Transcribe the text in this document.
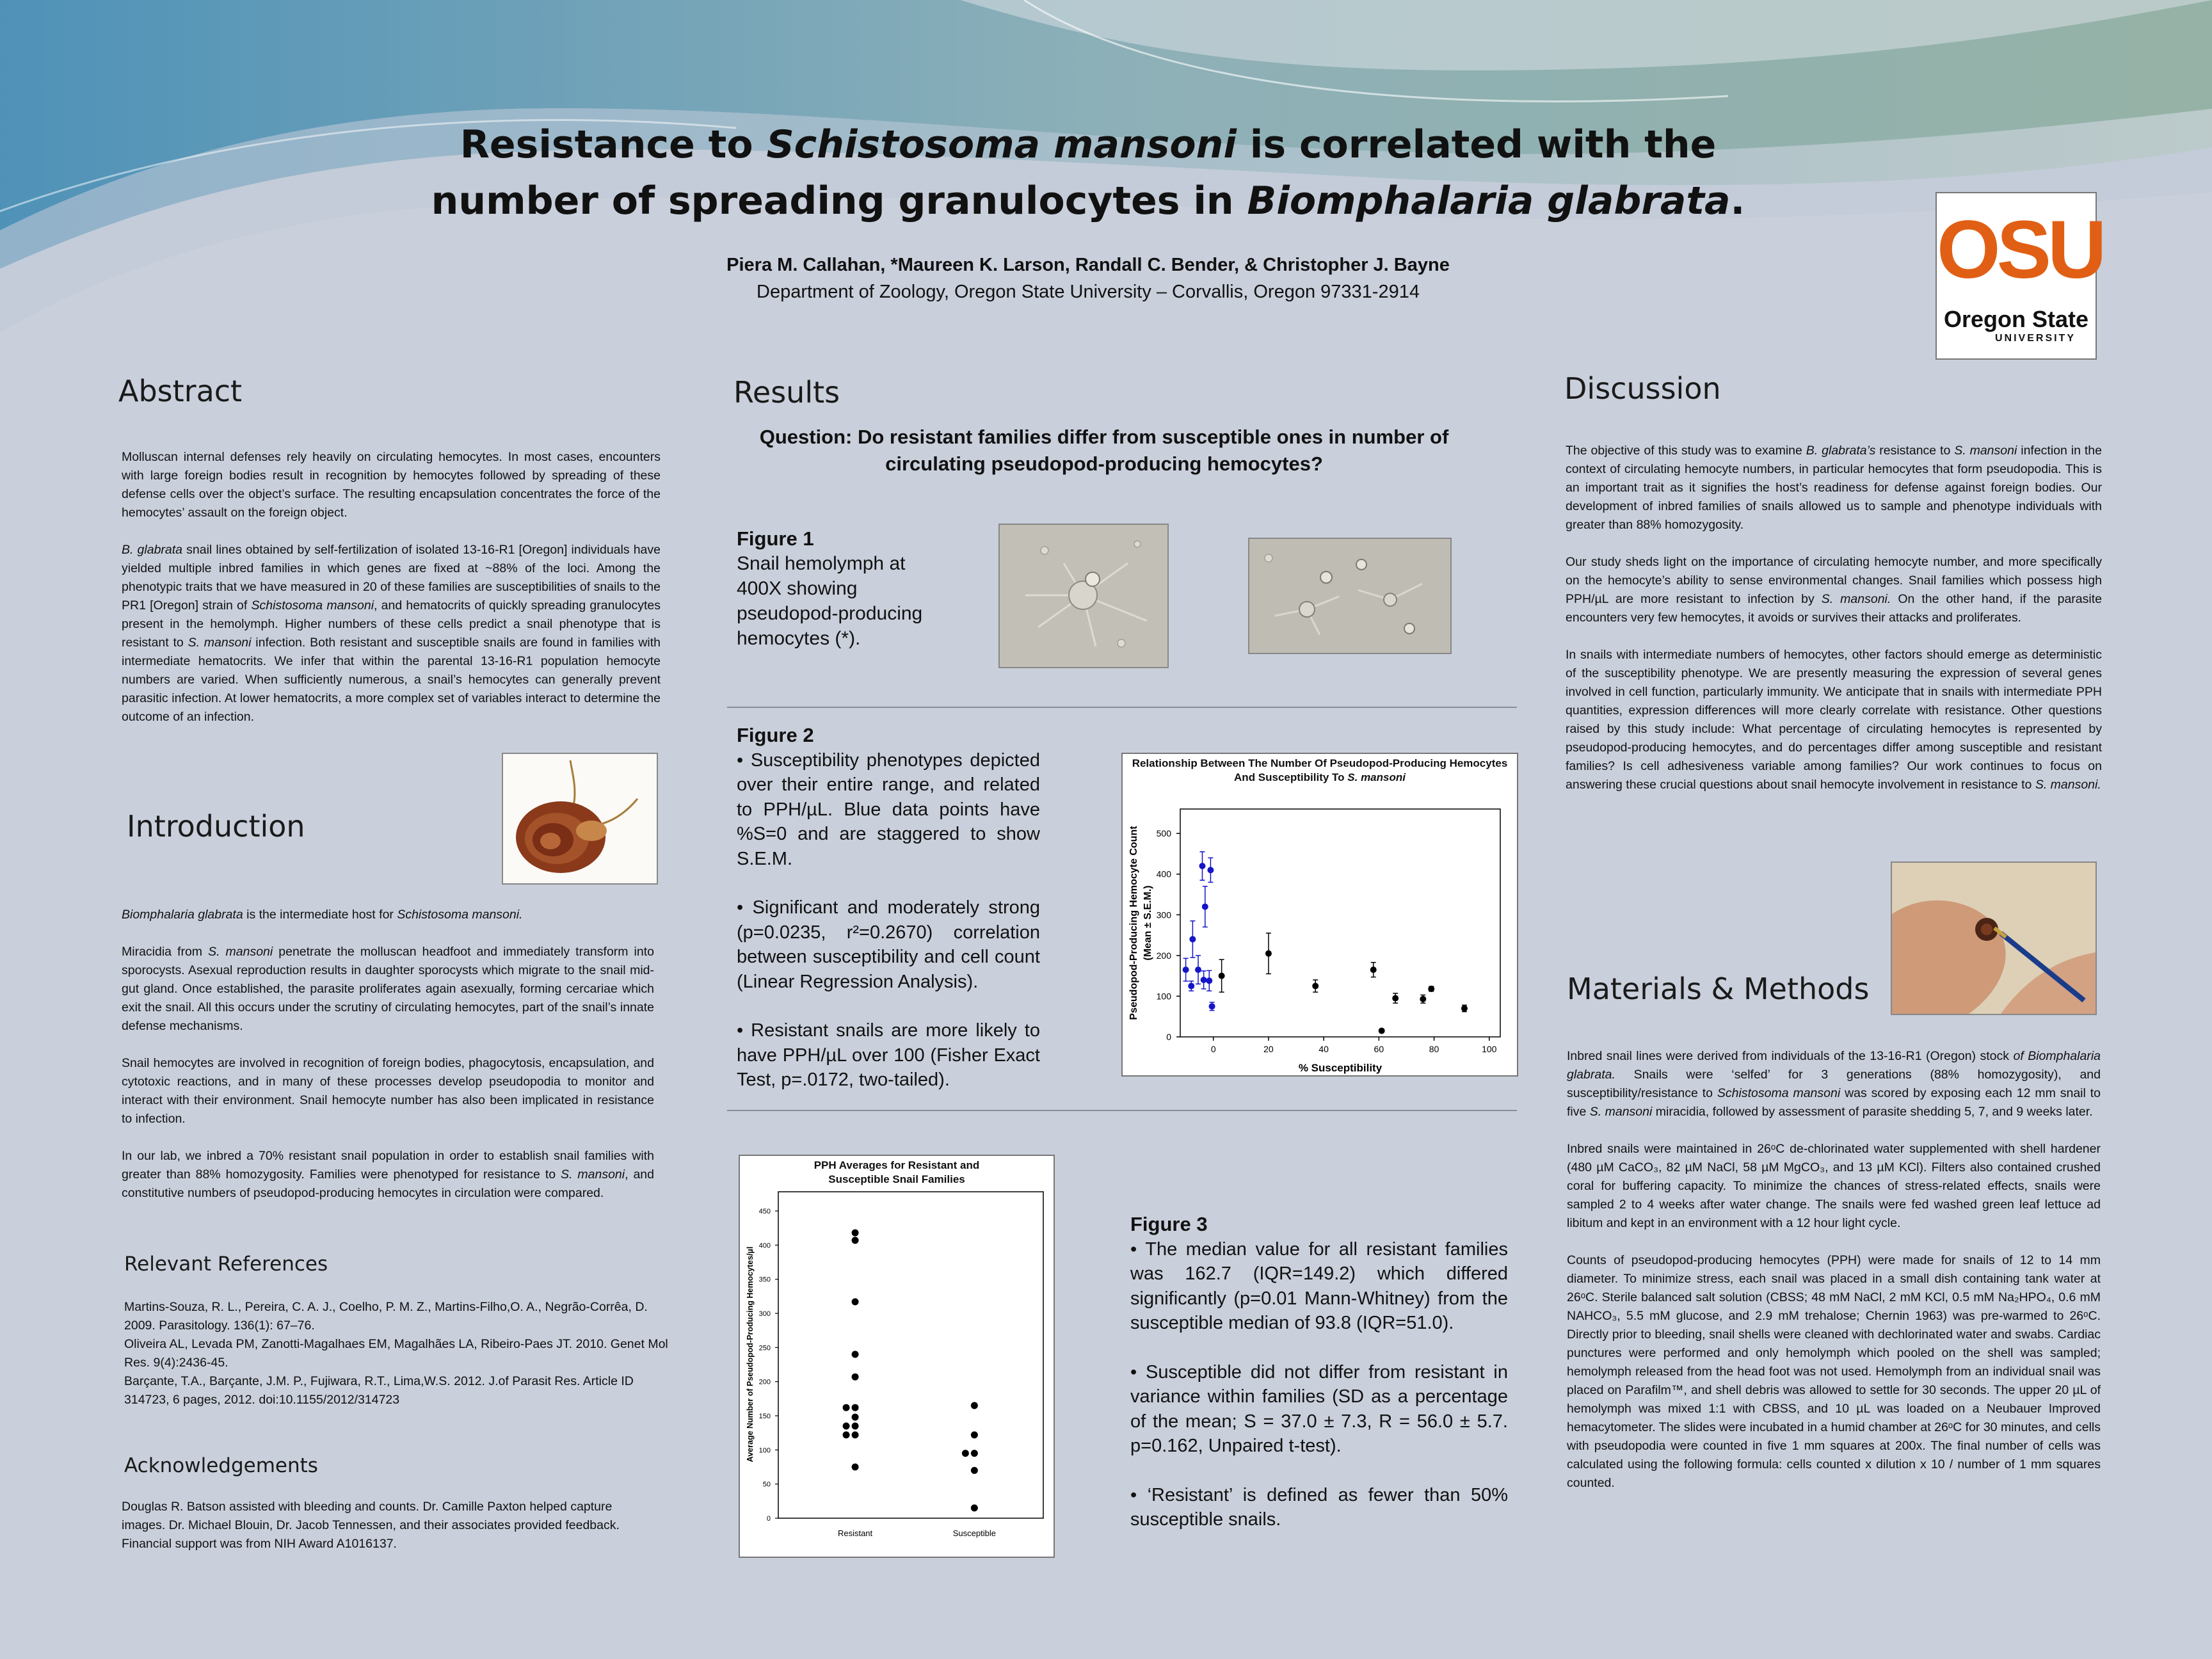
Resistance to Schistosoma mansoni is correlated with the
number of spreading granulocytes in Biomphalaria glabrata.
Piera M. Callahan, *Maureen K. Larson, Randall C. Bender, & Christopher J. Bayne
Department of Zoology, Oregon State University – Corvallis, Oregon 97331-2914	OSU
Oregon State
UNIVERSITY
Abstract

Molluscan internal defenses rely heavily on circulating hemocytes. In most cases, encounters with large foreign bodies result in recognition by hemocytes followed by spreading of these defense cells over the object’s surface. The resulting encapsulation concentrates the force of the hemocytes’ assault on the foreign object.

B. glabrata snail lines obtained by self-fertilization of isolated 13-16-R1 [Oregon] individuals have yielded multiple inbred families in which genes are fixed at ~88% of the loci. Among the phenotypic traits that we have measured in 20 of these families are susceptibilities of snails to the PR1 [Oregon] strain of Schistosoma mansoni, and hematocrits of quickly spreading granulocytes present in the hemolymph. Higher numbers of these cells predict a snail phenotype that is resistant to S. mansoni infection. Both resistant and susceptible snails are found in families with intermediate hematocrits. We infer that within the parental 13-16-R1 population hemocyte numbers are varied. When sufficiently numerous, a snail’s hemocytes can generally prevent parasitic infection. At lower hematocrits, a more complex set of variables interact to determine the outcome of an infection.

Introduction

Biomphalaria glabrata is the intermediate host for Schistosoma mansoni.

Miracidia from S. mansoni penetrate the molluscan headfoot and immediately transform into sporocysts. Asexual reproduction results in daughter sporocysts which migrate to the snail mid-gut gland. Once established, the parasite proliferates again asexually, forming cercariae which exit the snail. All this occurs under the scrutiny of circulating hemocytes, part of the snail’s innate defense mechanisms.

Snail hemocytes are involved in recognition of foreign bodies, phagocytosis, encapsulation, and cytotoxic reactions, and in many of these processes develop pseudopodia to monitor and interact with their environment. Snail hemocyte number has also been implicated in resistance to infection.

In our lab, we inbred a 70% resistant snail population in order to establish snail families with greater than 88% homozygosity. Families were phenotyped for resistance to S. mansoni, and constitutive numbers of pseudopod-producing hemocytes in circulation were compared.

Relevant References
Martins-Souza, R. L., Pereira, C. A. J., Coelho, P. M. Z., Martins-Filho,O. A., Negrão-Corrêa, D. 2009. Parasitology. 136(1): 67–76.
Oliveira AL, Levada PM, Zanotti-Magalhaes EM, Magalhães LA, Ribeiro-Paes JT. 2010. Genet Mol Res. 9(4):2436-45.
Barçante, T.A., Barçante, J.M. P., Fujiwara, R.T., Lima,W.S. 2012. J.of Parasit Res. Article ID 314723, 6 pages, 2012. doi:10.1155/2012/314723
Acknowledgements
Douglas R. Batson assisted with bleeding and counts. Dr. Camille Paxton helped capture images. Dr. Michael Blouin, Dr. Jacob Tennessen, and their associates provided feedback. Financial support was from NIH Award A1016137.
Results
Question: Do resistant families differ from susceptible ones in number of circulating pseudopod-producing hemocytes?
Figure 1
Snail hemolymph at 400X showing pseudopod-producing hemocytes (*).
Figure 2
• Susceptibility phenotypes depicted over their entire range, and related to PPH/µL. Blue data points have %S=0 and are staggered to show S.E.M.
• Significant and moderately strong (p=0.0235, r²=0.2670) correlation between susceptibility and cell count (Linear Regression Analysis).
• Resistant snails are more likely to have PPH/µL over 100 (Fisher Exact Test, p=.0172, two-tailed).
Relationship Between The Number Of Pseudopod-Producing Hemocytes
And Susceptibility To S. mansoni
Pseudopod-Producing Hemocyte Count (Mean ± S.E.M.)
% Susceptibility
0
100
200
300
400
500
0	20	40	60	80	100
PPH Averages for Resistant and
Susceptible Snail Families
Average Number of Pseudopod-Producing Hemocytes/µl
0
50
100
150
200
250
300
350
400
450
Resistant	Susceptible
Figure 3
• The median value for all resistant families was 162.7 (IQR=149.2) which differed significantly (p=0.01 Mann-Whitney) from the susceptible median of 93.8 (IQR=51.0).
• Susceptible did not differ from resistant in variance within families (SD as a percentage of the mean; S = 37.0 ± 7.3, R = 56.0 ± 5.7. p=0.162, Unpaired t-test).
• ‘Resistant’ is defined as fewer than 50% susceptible snails.
Discussion

The objective of this study was to examine B. glabrata’s resistance to S. mansoni infection in the context of circulating hemocyte numbers, in particular hemocytes that form pseudopodia. This is an important trait as it signifies the host’s readiness for defense against foreign bodies. Our development of inbred families of snails allowed us to sample and phenotype individuals with greater than 88% homozygosity.

Our study sheds light on the importance of circulating hemocyte number, and more specifically on the hemocyte’s ability to sense environmental changes. Snail families which possess high PPH/µL are more resistant to infection by S. mansoni. On the other hand, if the parasite encounters very few hemocytes, it avoids or survives their attacks and proliferates.

In snails with intermediate numbers of hemocytes, other factors should emerge as deterministic of the susceptibility phenotype. We are presently measuring the expression of several genes involved in cell function, particularly immunity. We anticipate that in snails with intermediate PPH quantities, expression differences will more clearly correlate with resistance. Other questions raised by this study include: What percentage of circulating hemocytes is represented by pseudopod-producing hemocytes, and do percentages differ among susceptible and resistant families? Is cell adhesiveness variable among families? Our work continues to focus on answering these crucial questions about snail hemocyte involvement in resistance to S. mansoni.

Materials & Methods

Inbred snail lines were derived from individuals of the 13-16-R1 (Oregon) stock of Biomphalaria glabrata. Snails were ‘selfed’ for 3 generations (88% homozygosity), and susceptibility/resistance to Schistosoma mansoni was scored by exposing each 12 mm snail to five S. mansoni miracidia, followed by assessment of parasite shedding 5, 7, and 9 weeks later.

Inbred snails were maintained in 26ᵒC de-chlorinated water supplemented with shell hardener (480 µM CaCO₃, 82 µM NaCl, 58 µM MgCO₃, and 13 µM KCl). Filters also contained crushed coral for buffering capacity. To minimize the chances of stress-related effects, snails were sampled 2 to 4 weeks after water change. The snails were fed washed green leaf lettuce ad libitum and kept in an environment with a 12 hour light cycle.

Counts of pseudopod-producing hemocytes (PPH) were made for snails of 12 to 14 mm diameter. To minimize stress, each snail was placed in a small dish containing tank water at 26ᵒC. Sterile balanced salt solution (CBSS; 48 mM NaCl, 2 mM KCl, 0.5 mM Na₂HPO₄, 0.6 mM NAHCO₃, 5.5 mM glucose, and 2.9 mM trehalose; Chernin 1963) was pre-warmed to 26ᵒC. Directly prior to bleeding, snail shells were cleaned with dechlorinated water and swabs. Cardiac punctures were performed and only hemolymph which pooled on the shell was sampled; hemolymph released from the head foot was not used. Hemolymph from an individual snail was placed on Parafilm™, and shell debris was allowed to settle for 30 seconds. The upper 20 µL of hemolymph was mixed 1:1 with CBSS, and 10 µL was loaded on a Neubauer Improved hemacytometer. The slides were incubated in a humid chamber at 26ᵒC for 30 minutes, and cells with pseudopodia were counted in five 1 mm squares at 200x. The final number of cells was calculated using the following formula: cells counted x dilution x 10 / number of 1 mm squares counted.
